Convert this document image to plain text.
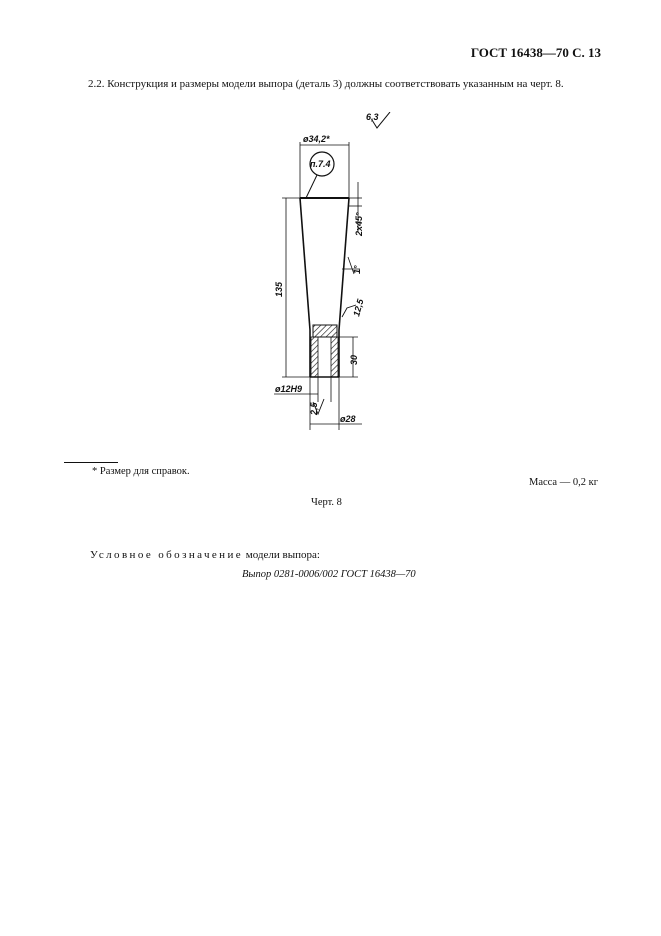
ГОСТ 16438—70 С. 13
2.2. Конструкция и размеры модели выпора (деталь 3) должны соответствовать указанным на черт. 8.
6,3
ø34,2*
п.7.4
2х45°
1°
12,5
135
30
ø12Н9
2,5
ø28
* Размер для справок.
Масса — 0,2 кг
Черт. 8
Условное обозначение модели выпора:
Выпор 0281-0006/002 ГОСТ 16438—70
